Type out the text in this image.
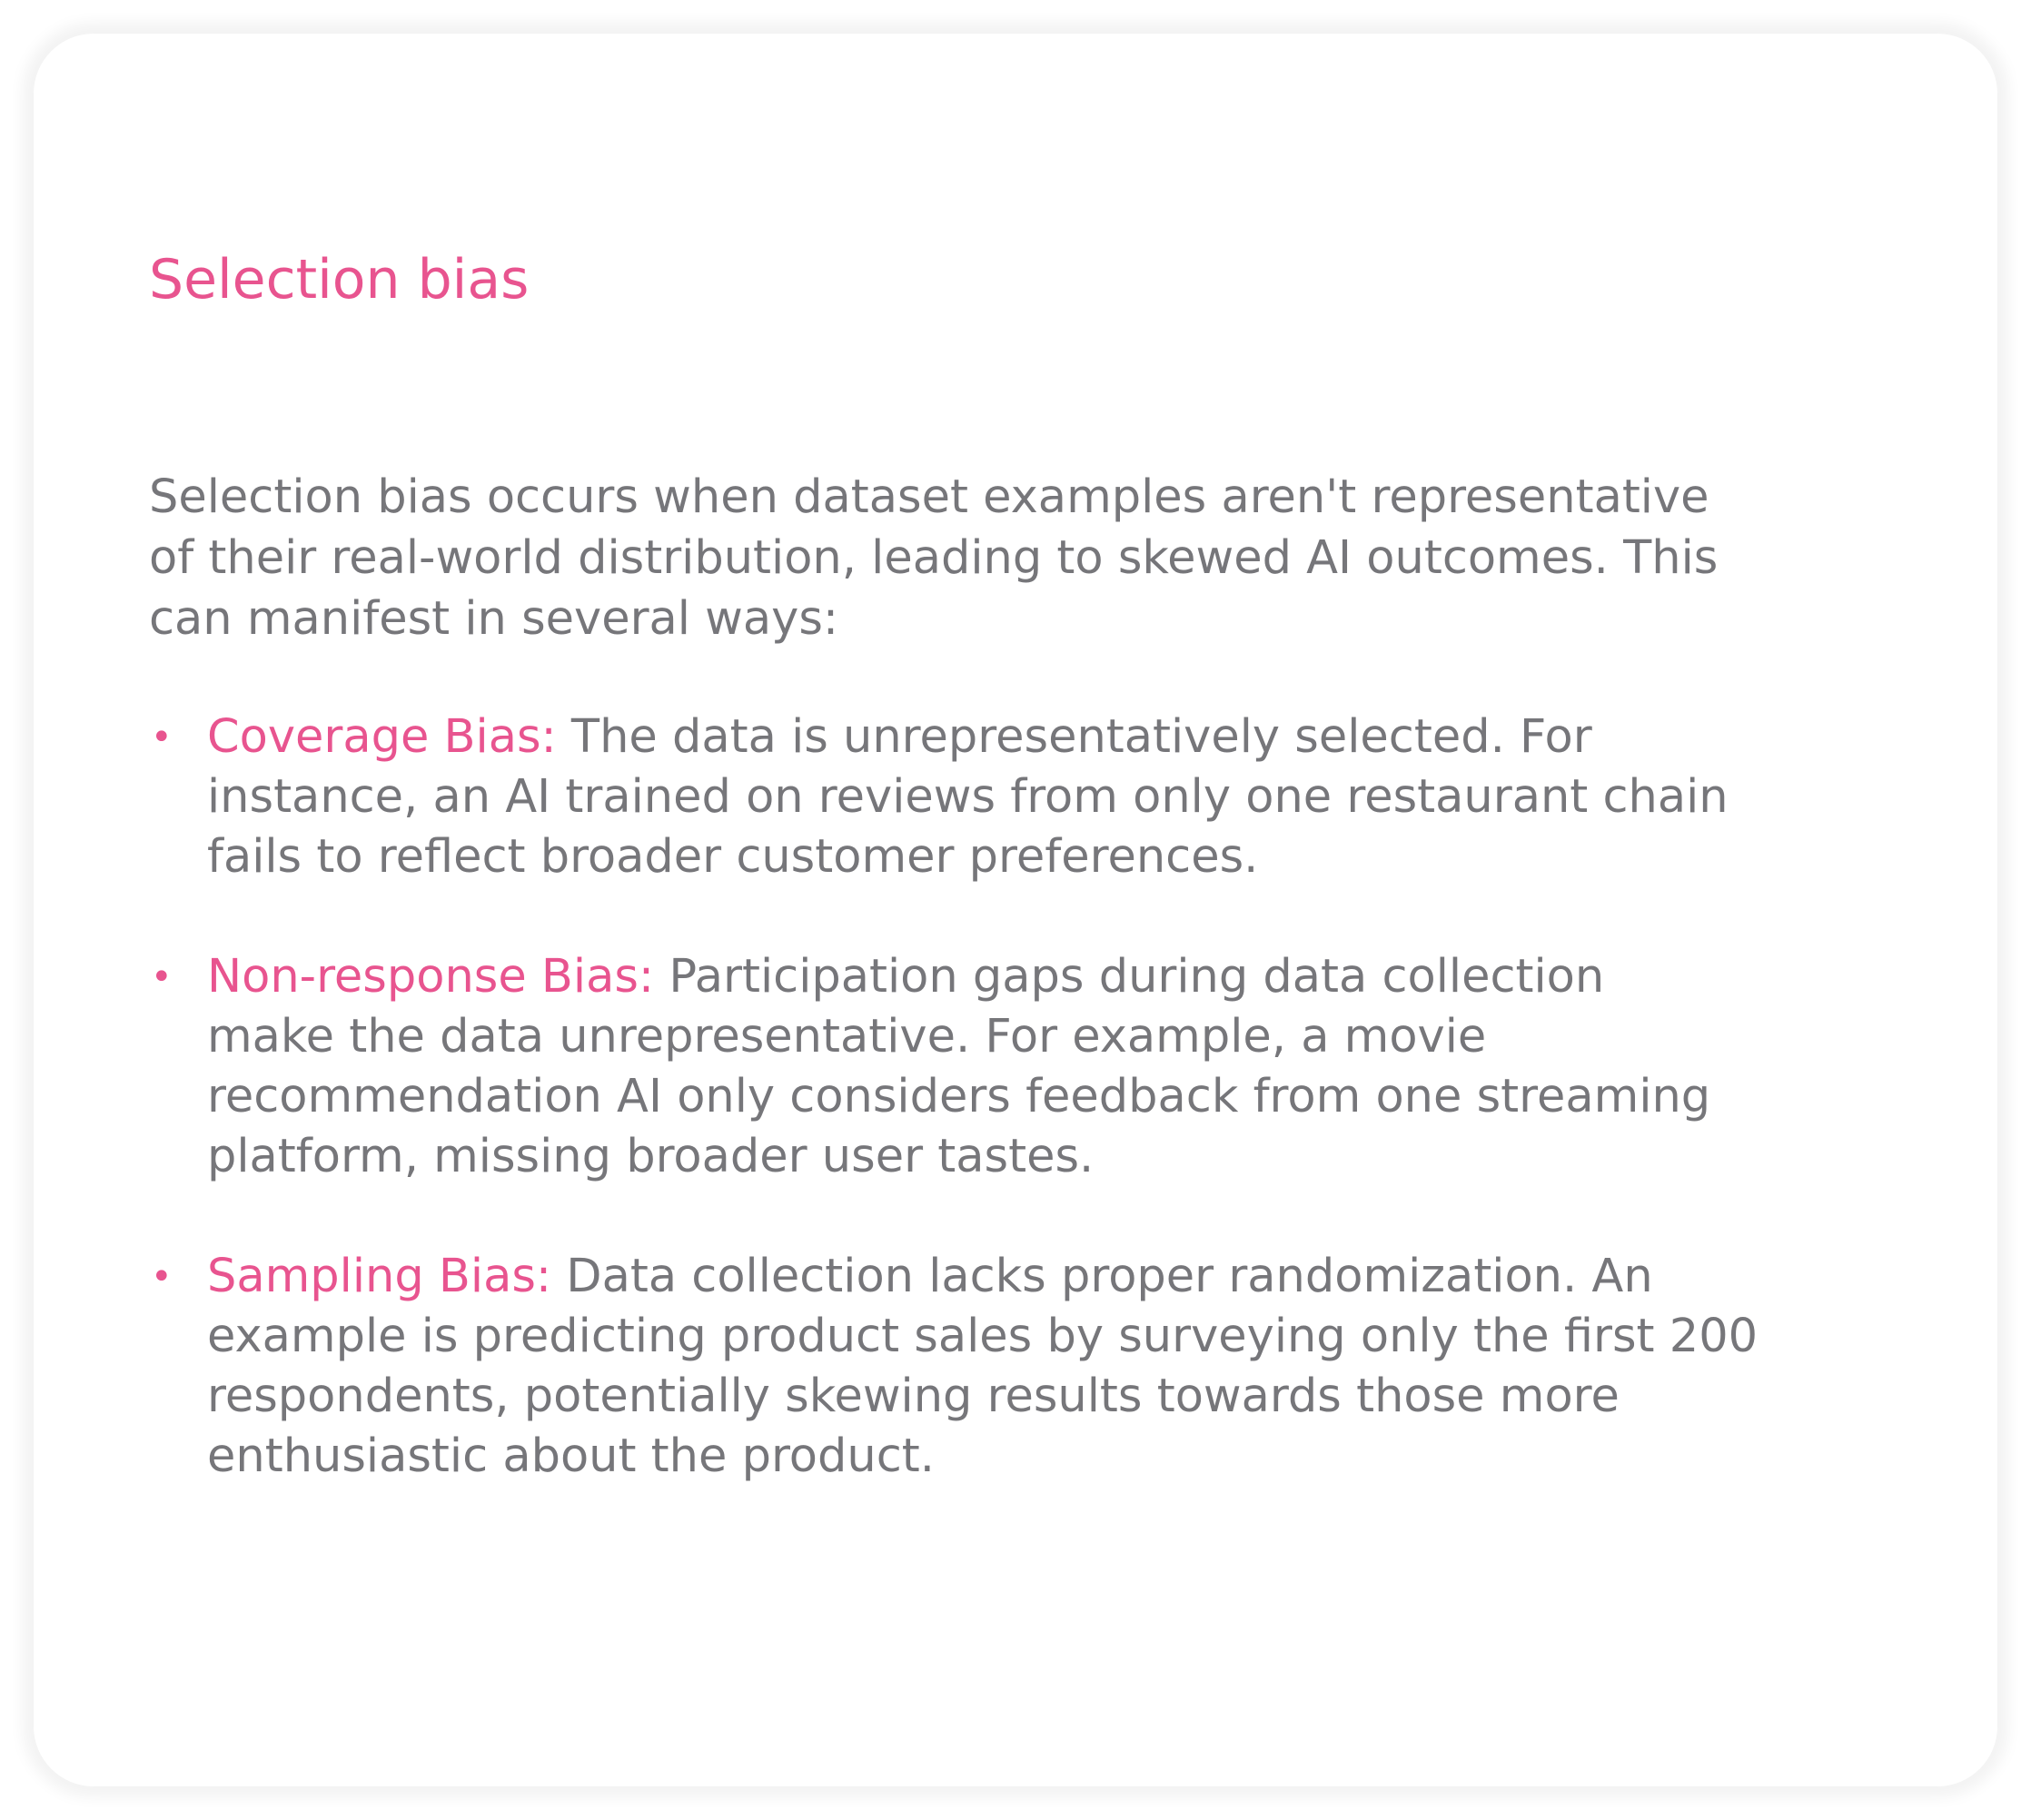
Selection bias

Selection bias occurs when dataset examples aren't representative
of their real-world distribution, leading to skewed AI outcomes. This
can manifest in several ways:

• Coverage Bias: The data is unrepresentatively selected. For
instance, an AI trained on reviews from only one restaurant chain
fails to reflect broader customer preferences.
• Non-response Bias: Participation gaps during data collection
make the data unrepresentative. For example, a movie
recommendation AI only considers feedback from one streaming
platform, missing broader user tastes.
• Sampling Bias: Data collection lacks proper randomization. An
example is predicting product sales by surveying only the first 200
respondents, potentially skewing results towards those more
enthusiastic about the product.
